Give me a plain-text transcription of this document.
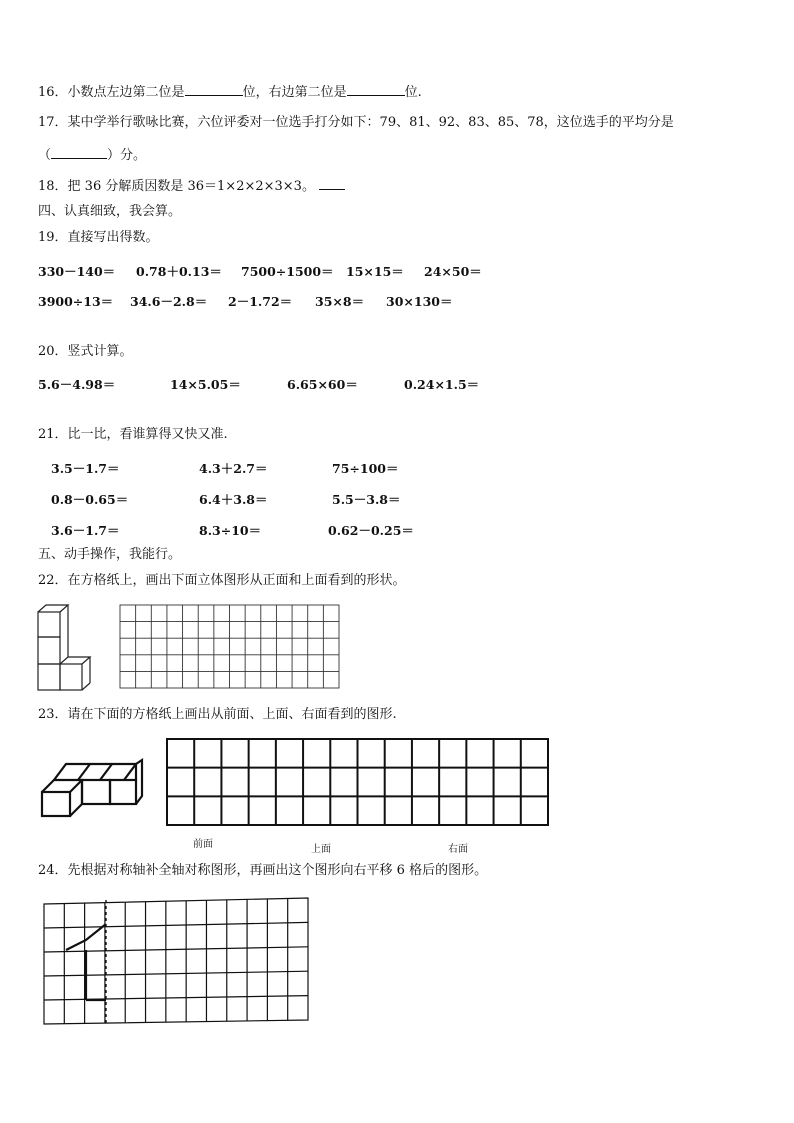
16．小数点左边第二位是	位，右边第二位是	位.
17．某中学举行歌咏比赛，六位评委对一位选手打分如下：79、81、92、83、85、78，这位选手的平均分是
（	）分。
18．把 36 分解质因数是 36＝1×2×2×3×3。
四、认真细致，我会算。
19．直接写出得数。
330－140＝ 0.78＋0.13＝ 7500÷1500＝ 15×15＝ 24×50＝
3900÷13＝ 34.6－2.8＝ 2－1.72＝ 35×8＝ 30×130＝
20．竖式计算。
5.6－4.98＝	14×5.05＝	6.65×60＝	0.24×1.5＝
21．比一比，看谁算得又快又准.
3.5－1.7＝	4.3＋2.7＝	75÷100＝
0.8－0.65＝	6.4＋3.8＝	5.5－3.8＝
3.6－1.7＝	8.3÷10＝	0.62－0.25＝
五、动手操作，我能行。
22．在方格纸上，画出下面立体图形从正面和上面看到的形状。
23．请在下面的方格纸上画出从前面、上面、右面看到的图形.
前面	上面	右面
24．先根据对称轴补全轴对称图形，再画出这个图形向右平移 6 格后的图形。
